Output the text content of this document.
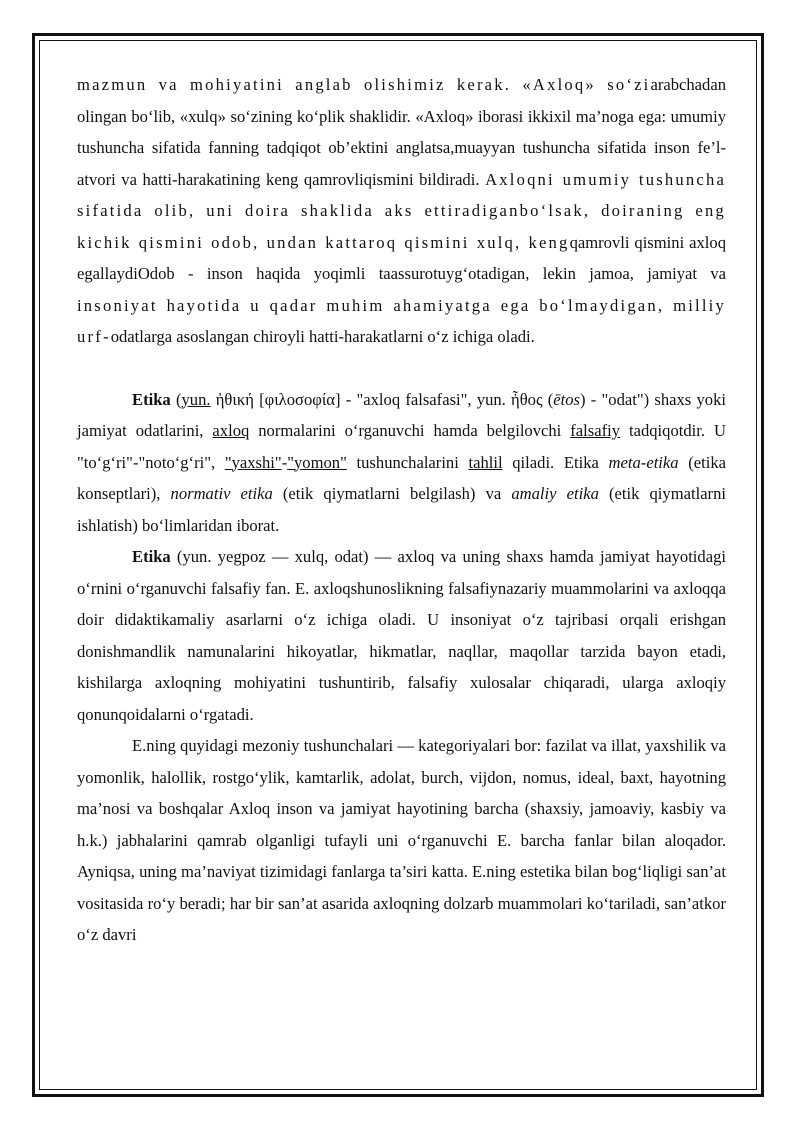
mazmun va mohiyatini anglab olishimiz kerak. «Axloq» so‘ziarabchadan olingan bo‘lib, «xulq» so‘zining ko‘plik shaklidir. «Axloq» iborasi ikkixil ma’noga ega: umumiy tushuncha sifatida fanning tadqiqot ob’ektini anglatsa,muayyan tushuncha sifatida inson fe’l-atvori va hatti-harakatining keng qamrovliqismini bildiradi. Axloqni umumiy tushuncha sifatida olib, uni doira shaklida aks ettiradiganbo‘lsak, doiraning eng kichik qismini odob, undan kattaroq qismini xulq, kengqamrovli qismini axloq egallaydiOdob - inson haqida yoqimli taassurotuyg‘otadigan, lekin jamoa, jamiyat va insoniyat hayotida u qadar muhim ahamiyatga ega bo‘lmaydigan, milliy urf-odatlarga asoslangan chiroyli hatti-harakatlarni o‘z ichiga oladi.

Etika (yun. ἠθική [φιλοσοφία] - "axloq falsafasi", yun. ἦθος (ētos) - "odat") shaxs yoki jamiyat odatlarini, axloq normalarini o‘rganuvchi hamda belgilovchi falsafiy tadqiqotdir. U "to‘g‘ri"-"noto‘g‘ri", "yaxshi"-"yomon" tushunchalarini tahlil qiladi. Etika meta-etika (etika konseptlari), normativ etika (etik qiymatlarni belgilash) va amaliy etika (etik qiymatlarni ishlatish) bo‘limlaridan iborat.

Etika (yun. yegpoz — xulq, odat) — axloq va uning shaxs hamda jamiyat hayotidagi o‘rnini o‘rganuvchi falsafiy fan. E. axloqshunoslikning falsafiynazariy muammolarini va axloqqa doir didaktikamaliy asarlarni o‘z ichiga oladi. U insoniyat o‘z tajribasi orqali erishgan donishmandlik namunalarini hikoyatlar, hikmatlar, naqllar, maqollar tarzida bayon etadi, kishilarga axloqning mohiyatini tushuntirib, falsafiy xulosalar chiqaradi, ularga axloqiy qonunqoidalarni o‘rgatadi.

E.ning quyidagi mezoniy tushunchalari — kategoriyalari bor: fazilat va illat, yaxshilik va yomonlik, halollik, rostgo‘ylik, kamtarlik, adolat, burch, vijdon, nomus, ideal, baxt, hayotning ma’nosi va boshqalar Axloq inson va jamiyat hayotining barcha (shaxsiy, jamoaviy, kasbiy va h.k.) jabhalarini qamrab olganligi tufayli uni o‘rganuvchi E. barcha fanlar bilan aloqador. Ayniqsa, uning ma’naviyat tizimidagi fanlarga ta’siri katta. E.ning estetika bilan bog‘liqligi san’at vositasida ro‘y beradi; har bir san’at asarida axloqning dolzarb muammolari ko‘tariladi, san’atkor o‘z davri
